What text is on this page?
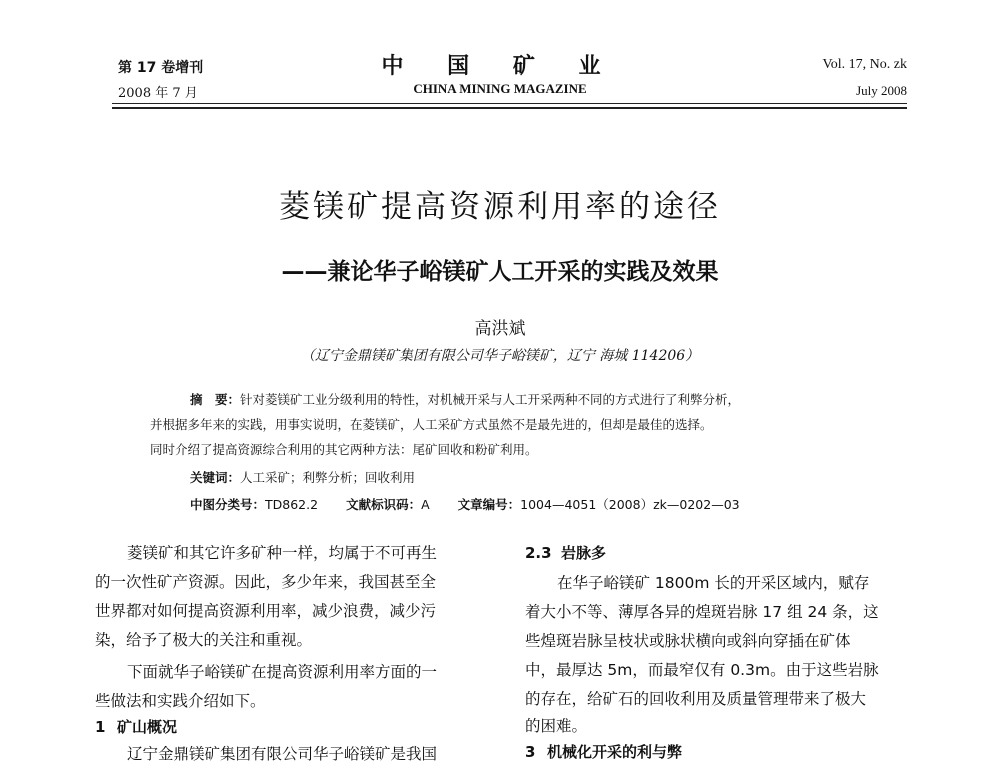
第 17 卷增刊
2008 年 7 月
中 国 矿 业
CHINA MINING MAGAZINE
Vol. 17, No. zk
July 2008
菱镁矿提高资源利用率的途径
——兼论华子峪镁矿人工开采的实践及效果
高洪斌
（辽宁金鼎镁矿集团有限公司华子峪镁矿，辽宁 海城 114206）
摘　要：针对菱镁矿工业分级利用的特性，对机械开采与人工开采两种不同的方式进行了利弊分析，
并根据多年来的实践，用事实说明，在菱镁矿，人工采矿方式虽然不是最先进的，但却是最佳的选择。
同时介绍了提高资源综合利用的其它两种方法：尾矿回收和粉矿利用。
关键词：人工采矿；利弊分析；回收利用
中图分类号：TD862.2 文献标识码：A 文章编号：1004—4051（2008）zk—0202—03
菱镁矿和其它许多矿种一样，均属于不可再生
的一次性矿产资源。因此，多少年来，我国甚至全
世界都对如何提高资源利用率，减少浪费，减少污
染，给予了极大的关注和重视。
下面就华子峪镁矿在提高资源利用率方面的一
些做法和实践介绍如下。
1 矿山概况
辽宁金鼎镁矿集团有限公司华子峪镁矿是我国
2.3 岩脉多
在华子峪镁矿 1800m 长的开采区域内，赋存
着大小不等、薄厚各异的煌斑岩脉 17 组 24 条，这
些煌斑岩脉呈枝状或脉状横向或斜向穿插在矿体
中，最厚达 5m，而最窄仅有 0.3m。由于这些岩脉
的存在，给矿石的回收利用及质量管理带来了极大
的困难。
3 机械化开采的利与弊
